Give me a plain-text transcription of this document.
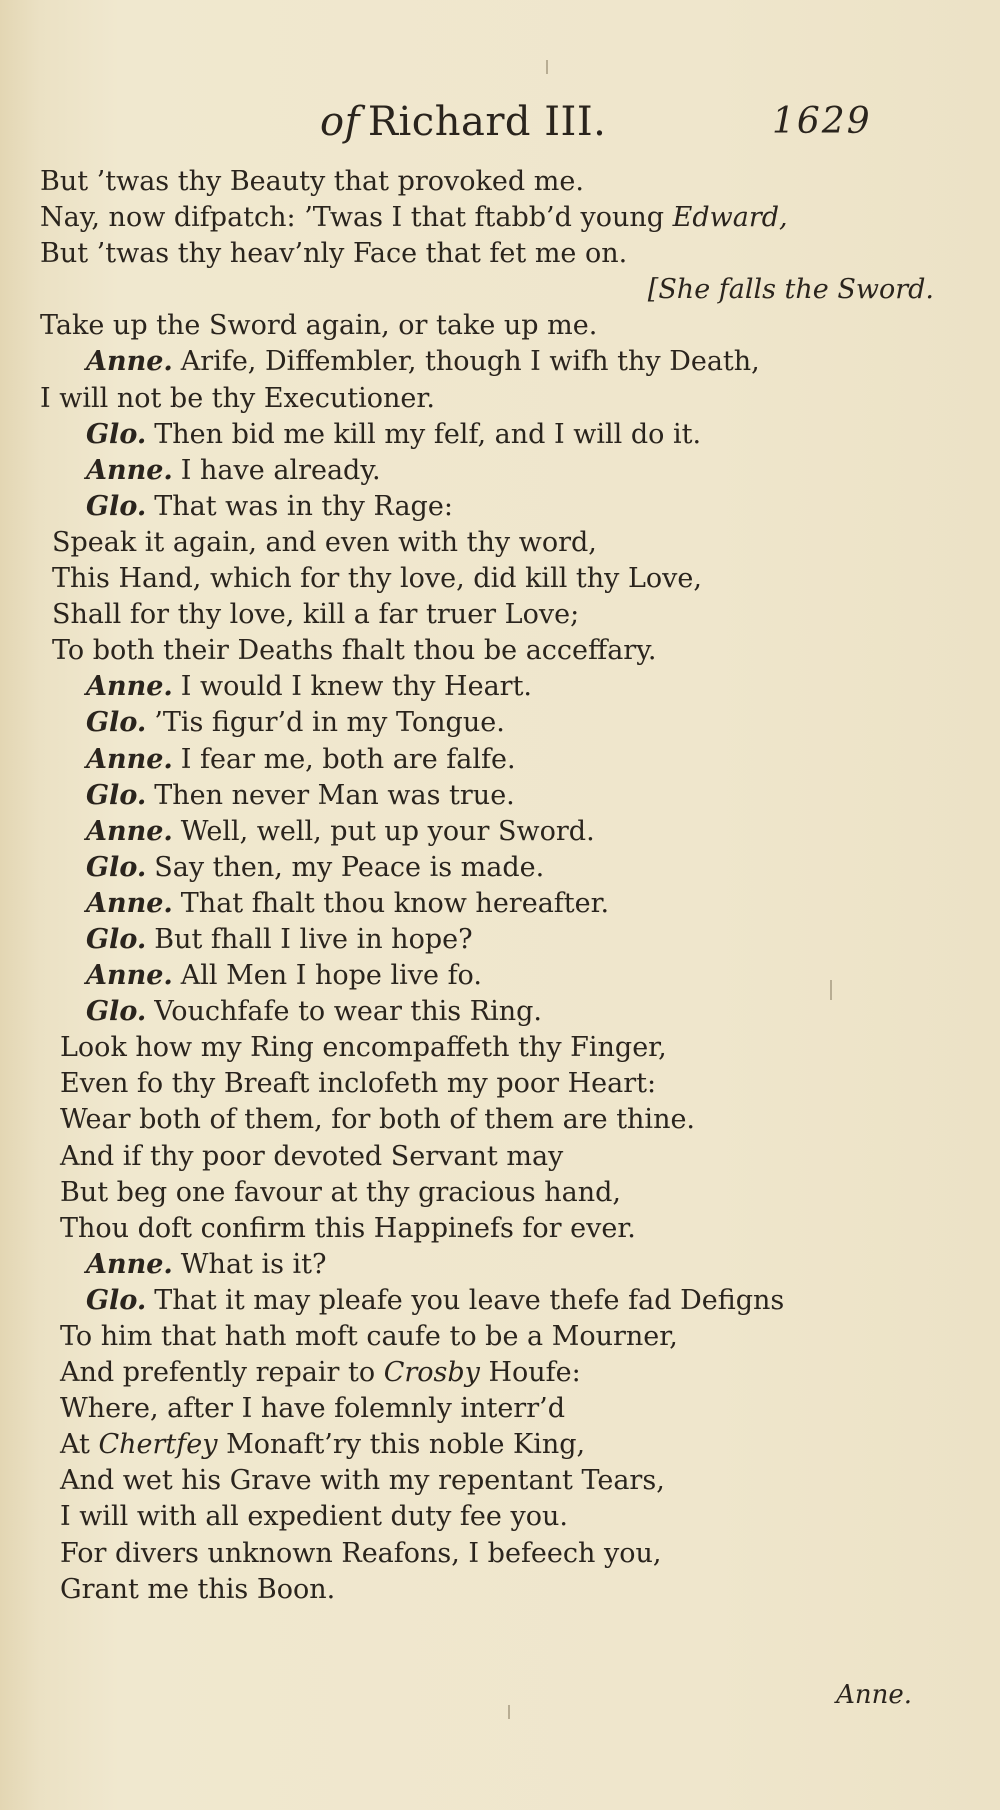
of Richard III.	1629
But ’twas thy Beauty that provoked me.
Nay, now difpatch: ’Twas I that ftabb’d young Edward,
But ’twas thy heav’nly Face that fet me on.
[She falls the Sword.
Take up the Sword again, or take up me.
Anne. Arife, Diffembler, though I wifh thy Death,
I will not be thy Executioner.
Glo. Then bid me kill my felf, and I will do it.
Anne. I have already.
Glo. That was in thy Rage:
Speak it again, and even with thy word,
This Hand, which for thy love, did kill thy Love,
Shall for thy love, kill a far truer Love;
To both their Deaths fhalt thou be acceffary.
Anne. I would I knew thy Heart.
Glo. ’Tis figur’d in my Tongue.
Anne. I fear me, both are falfe.
Glo. Then never Man was true.
Anne. Well, well, put up your Sword.
Glo. Say then, my Peace is made.
Anne. That fhalt thou know hereafter.
Glo. But fhall I live in hope?
Anne. All Men I hope live fo.
Glo. Vouchfafe to wear this Ring.
Look how my Ring encompaffeth thy Finger,
Even fo thy Breaft inclofeth my poor Heart:
Wear both of them, for both of them are thine.
And if thy poor devoted Servant may
But beg one favour at thy gracious hand,
Thou doft confirm this Happinefs for ever.
Anne. What is it?
Glo. That it may pleafe you leave thefe fad Defigns
To him that hath moft caufe to be a Mourner,
And prefently repair to Crosby Houfe:
Where, after I have folemnly interr’d
At Chertfey Monaft’ry this noble King,
And wet his Grave with my repentant Tears,
I will with all expedient duty fee you.
For divers unknown Reafons, I befeech you,
Grant me this Boon.
Anne.
